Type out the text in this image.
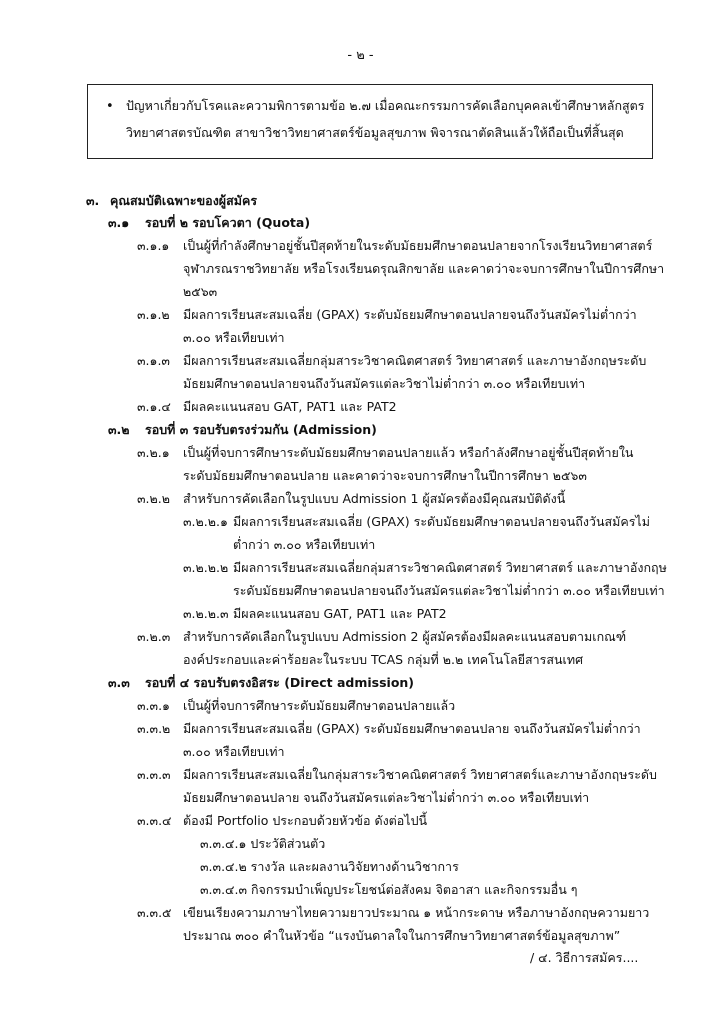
- ๒ -
• ปัญหาเกี่ยวกับโรคและความพิการตามข้อ ๒.๗ เมื่อคณะกรรมการคัดเลือกบุคคลเข้าศึกษาหลักสูตร
วิทยาศาสตรบัณฑิต สาขาวิชาวิทยาศาสตร์ข้อมูลสุขภาพ พิจารณาตัดสินแล้วให้ถือเป็นที่สิ้นสุด
๓. คุณสมบัติเฉพาะของผู้สมัคร
๓.๑ รอบที่ ๒ รอบโควตา (Quota)
๓.๑.๑ เป็นผู้ที่กำลังศึกษาอยู่ชั้นปีสุดท้ายในระดับมัธยมศึกษาตอนปลายจากโรงเรียนวิทยาศาสตร์
จุฬาภรณราชวิทยาลัย หรือโรงเรียนดรุณสิกขาลัย และคาดว่าจะจบการศึกษาในปีการศึกษา
๒๕๖๓
๓.๑.๒ มีผลการเรียนสะสมเฉลี่ย (GPAX) ระดับมัธยมศึกษาตอนปลายจนถึงวันสมัครไม่ต่ำกว่า
๓.๐๐ หรือเทียบเท่า
๓.๑.๓ มีผลการเรียนสะสมเฉลี่ยกลุ่มสาระวิชาคณิตศาสตร์ วิทยาศาสตร์ และภาษาอังกฤษระดับ
มัธยมศึกษาตอนปลายจนถึงวันสมัครแต่ละวิชาไม่ต่ำกว่า ๓.๐๐ หรือเทียบเท่า
๓.๑.๔ มีผลคะแนนสอบ GAT, PAT1 และ PAT2
๓.๒ รอบที่ ๓ รอบรับตรงร่วมกัน (Admission)
๓.๒.๑ เป็นผู้ที่จบการศึกษาระดับมัธยมศึกษาตอนปลายแล้ว หรือกำลังศึกษาอยู่ชั้นปีสุดท้ายใน
ระดับมัธยมศึกษาตอนปลาย และคาดว่าจะจบการศึกษาในปีการศึกษา ๒๕๖๓
๓.๒.๒ สำหรับการคัดเลือกในรูปแบบ Admission 1 ผู้สมัครต้องมีคุณสมบัติดังนี้
๓.๒.๒.๑ มีผลการเรียนสะสมเฉลี่ย (GPAX) ระดับมัธยมศึกษาตอนปลายจนถึงวันสมัครไม่
ต่ำกว่า ๓.๐๐ หรือเทียบเท่า
๓.๒.๒.๒ มีผลการเรียนสะสมเฉลี่ยกลุ่มสาระวิชาคณิตศาสตร์ วิทยาศาสตร์ และภาษาอังกฤษ
ระดับมัธยมศึกษาตอนปลายจนถึงวันสมัครแต่ละวิชาไม่ต่ำกว่า ๓.๐๐ หรือเทียบเท่า
๓.๒.๒.๓ มีผลคะแนนสอบ GAT, PAT1 และ PAT2
๓.๒.๓ สำหรับการคัดเลือกในรูปแบบ Admission 2 ผู้สมัครต้องมีผลคะแนนสอบตามเกณฑ์
องค์ประกอบและค่าร้อยละในระบบ TCAS กลุ่มที่ ๒.๒ เทคโนโลยีสารสนเทศ
๓.๓ รอบที่ ๔ รอบรับตรงอิสระ (Direct admission)
๓.๓.๑ เป็นผู้ที่จบการศึกษาระดับมัธยมศึกษาตอนปลายแล้ว
๓.๓.๒ มีผลการเรียนสะสมเฉลี่ย (GPAX) ระดับมัธยมศึกษาตอนปลาย จนถึงวันสมัครไม่ต่ำกว่า
๓.๐๐ หรือเทียบเท่า
๓.๓.๓ มีผลการเรียนสะสมเฉลี่ยในกลุ่มสาระวิชาคณิตศาสตร์ วิทยาศาสตร์และภาษาอังกฤษระดับ
มัธยมศึกษาตอนปลาย จนถึงวันสมัครแต่ละวิชาไม่ต่ำกว่า ๓.๐๐ หรือเทียบเท่า
๓.๓.๔ ต้องมี Portfolio ประกอบด้วยหัวข้อ ดังต่อไปนี้
๓.๓.๔.๑ ประวัติส่วนตัว
๓.๓.๔.๒ รางวัล และผลงานวิจัยทางด้านวิชาการ
๓.๓.๔.๓ กิจกรรมบำเพ็ญประโยชน์ต่อสังคม จิตอาสา และกิจกรรมอื่น ๆ
๓.๓.๕ เขียนเรียงความภาษาไทยความยาวประมาณ ๑ หน้ากระดาษ หรือภาษาอังกฤษความยาว
ประมาณ ๓๐๐ คำในหัวข้อ “แรงบันดาลใจในการศึกษาวิทยาศาสตร์ข้อมูลสุขภาพ”
/ ๔. วิธีการสมัคร....
